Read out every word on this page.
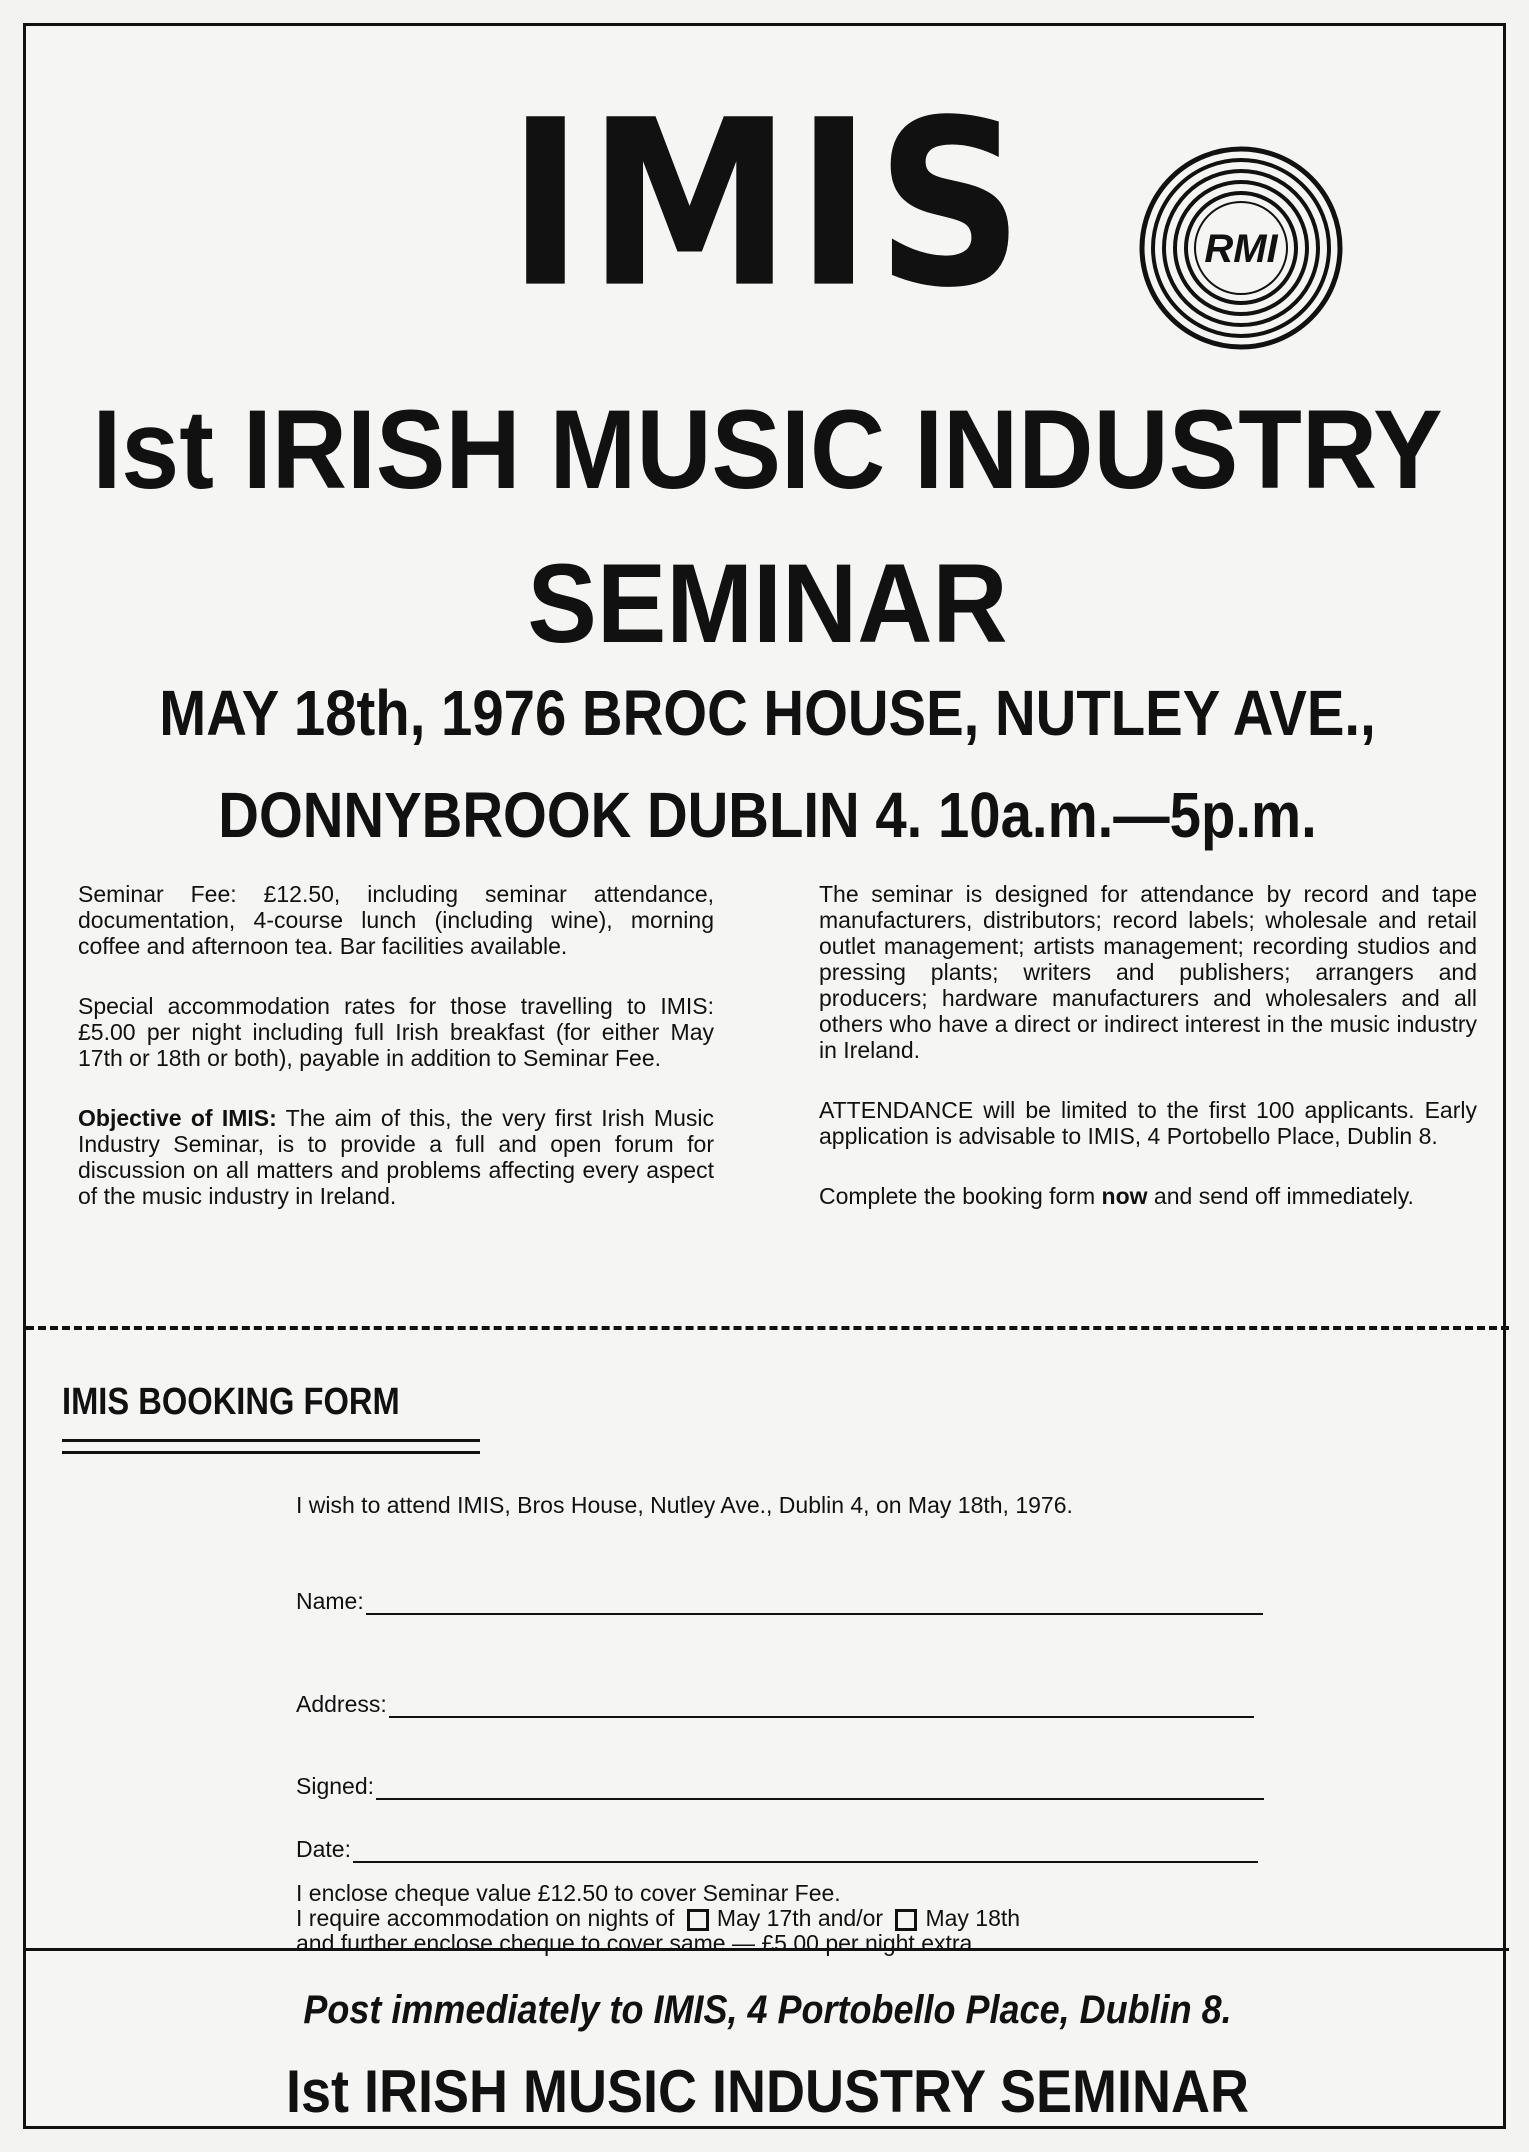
IMIS	RMI
Ist IRISH MUSIC INDUSTRY
SEMINAR
MAY 18th, 1976 BROC HOUSE, NUTLEY AVE.,
DONNYBROOK DUBLIN 4. 10a.m.—5p.m.

Seminar Fee: £12.50, including seminar attendance, documentation, 4-course lunch (including wine), morning coffee and afternoon tea. Bar facilities available.

Special accommodation rates for those travelling to IMIS: £5.00 per night including full Irish breakfast (for either May 17th or 18th or both), payable in addition to Seminar Fee.

Objective of IMIS: The aim of this, the very first Irish Music Industry Seminar, is to provide a full and open forum for discussion on all matters and problems affecting every aspect of the music industry in Ireland.

The seminar is designed for attendance by record and tape manufacturers, distributors; record labels; wholesale and retail outlet management; artists management; recording studios and pressing plants; writers and publishers; arrangers and producers; hardware manufacturers and wholesalers and all others who have a direct or indirect interest in the music industry in Ireland.

ATTENDANCE will be limited to the first 100 applicants. Early application is advisable to IMIS, 4 Portobello Place, Dublin 8.

Complete the booking form now and send off immediately.

IMIS BOOKING FORM
I wish to attend IMIS, Bros House, Nutley Ave., Dublin 4, on May 18th, 1976.
Name:
Address:
Signed:
Date:
I enclose cheque value £12.50 to cover Seminar Fee.
I require accommodation on nights of May 17th and/or May 18th
and further enclose cheque to cover same — £5.00 per night extra.
Post immediately to IMIS, 4 Portobello Place, Dublin 8.
Ist IRISH MUSIC INDUSTRY SEMINAR
